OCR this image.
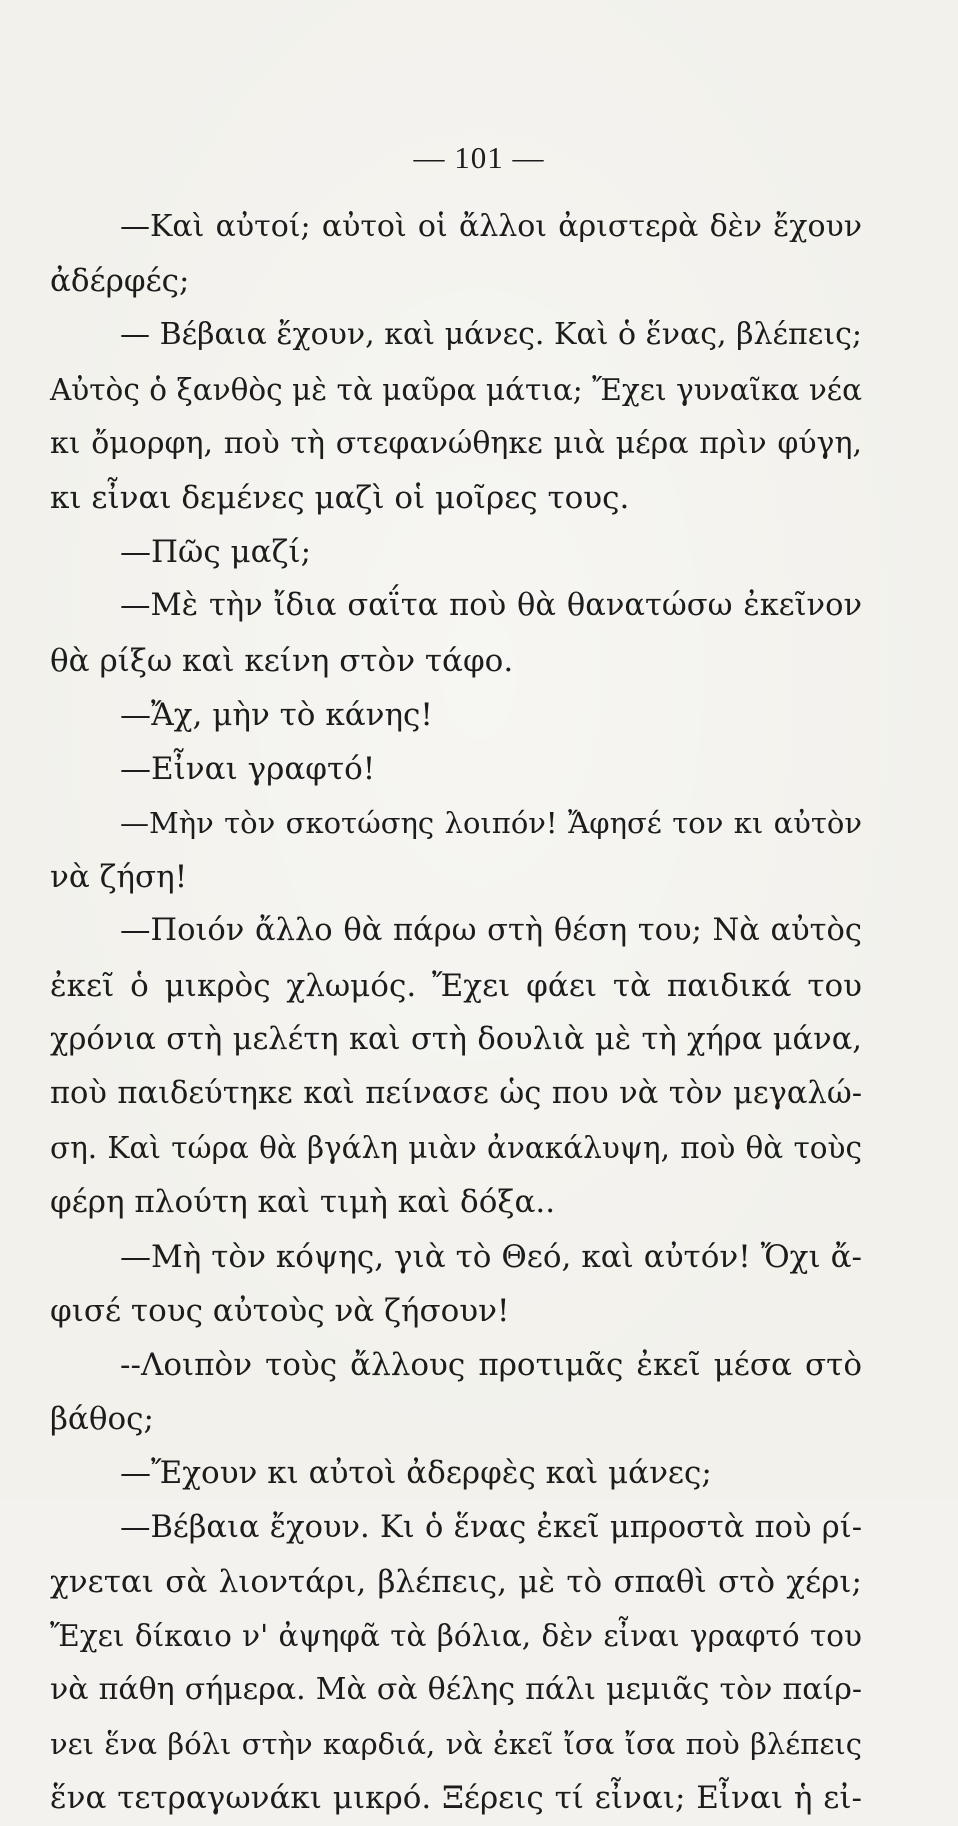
— 101 —
—Καὶ αὐτοί; αὐτοὶ οἱ ἄλλοι ἀριστερὰ δὲν ἔχουν
ἀδέρφές;
— Βέβαια ἔχουν, καὶ μάνες. Καὶ ὁ ἕνας, βλέπεις;
Αὐτὸς ὁ ξανθὸς μὲ τὰ μαῦρα μάτια; Ἔχει γυναῖκα νέα
κι ὄμορφη, ποὺ τὴ στεφανώθηκε μιὰ μέρα πρὶν φύγη,
κι εἶναι δεμένες μαζὶ οἱ μοῖρες τους.
—Πῶς μαζί;
—Μὲ τὴν ἴδια σαΐτα ποὺ θὰ θανατώσω ἐκεῖνον
θὰ ρίξω καὶ κείνη στὸν τάφο.
—Ἄχ, μὴν τὸ κάνης!
—Εἶναι γραφτό!
—Μὴν τὸν σκοτώσης λοιπόν! Ἄφησέ τον κι αὐτὸν
νὰ ζήση!
—Ποιόν ἄλλο θὰ πάρω στὴ θέση του; Νὰ αὐτὸς
ἐκεῖ ὁ μικρὸς χλωμός. Ἔχει φάει τὰ παιδικά του
χρόνια στὴ μελέτη καὶ στὴ δουλιὰ μὲ τὴ χήρα μάνα,
ποὺ παιδεύτηκε καὶ πείνασε ὡς που νὰ τὸν μεγαλώ-
ση. Καὶ τώρα θὰ βγάλη μιὰν ἀνακάλυψη, ποὺ θὰ τοὺς
φέρη πλούτη καὶ τιμὴ καὶ δόξα..
—Μὴ τὸν κόψης, γιὰ τὸ Θεό, καὶ αὐτόν! Ὄχι ἄ-
φισέ τους αὐτοὺς νὰ ζήσουν!
--Λοιπὸν τοὺς ἄλλους προτιμᾶς ἐκεῖ μέσα στὸ
βάθος;
—Ἔχουν κι αὐτοὶ ἀδερφὲς καὶ μάνες;
—Βέβαια ἔχουν. Κι ὁ ἕνας ἐκεῖ μπροστὰ ποὺ ρί-
χνεται σὰ λιοντάρι, βλέπεις, μὲ τὸ σπαθὶ στὸ χέρι;
Ἔχει δίκαιο ν' ἀψηφᾶ τὰ βόλια, δὲν εἶναι γραφτό του
νὰ πάθη σήμερα. Μὰ σὰ θέλης πάλι μεμιᾶς τὸν παίρ-
νει ἕνα βόλι στὴν καρδιά, νὰ ἐκεῖ ἴσα ἴσα ποὺ βλέπεις
ἕνα τετραγωνάκι μικρό. Ξέρεις τί εἶναι; Εἶναι ἡ εἰ-
